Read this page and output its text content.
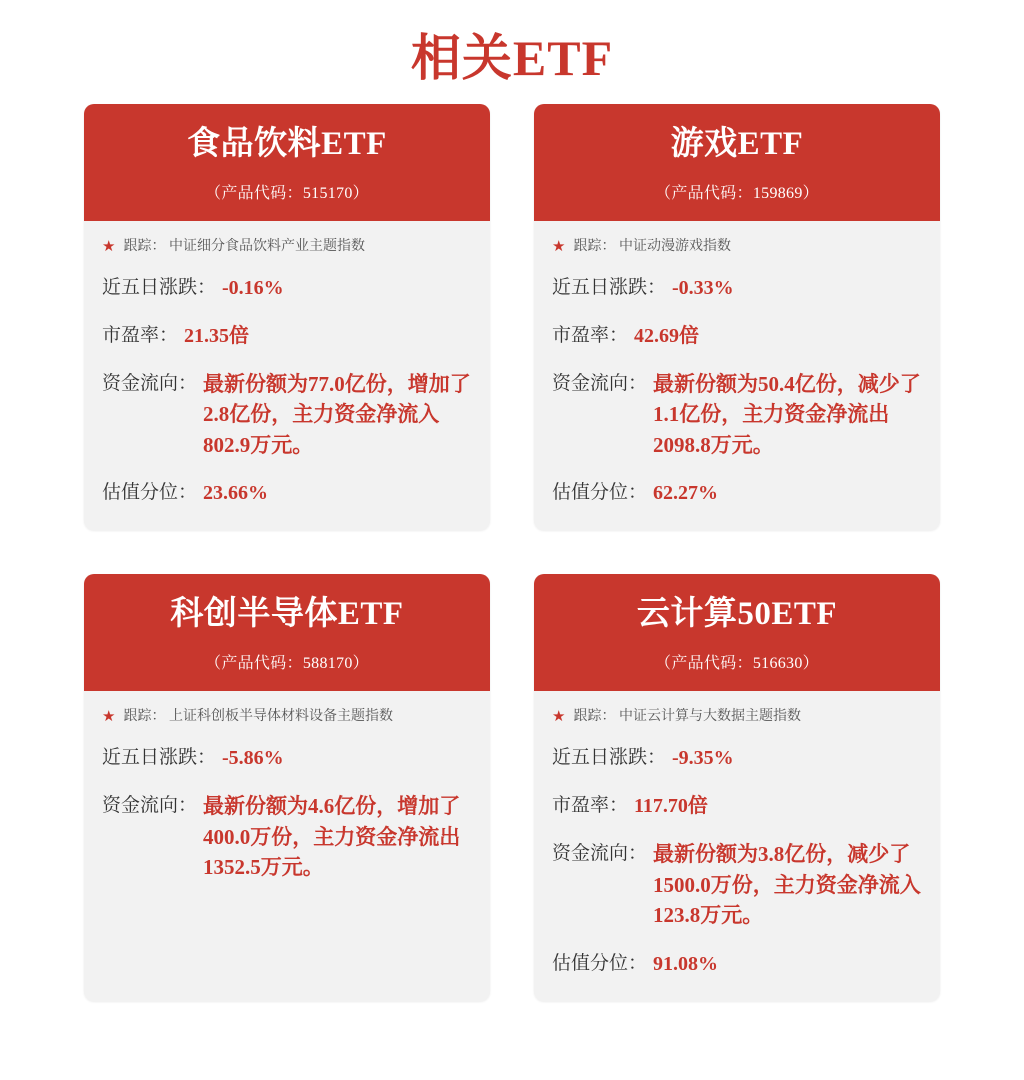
相关ETF
食品饮料ETF
（产品代码：515170）
★ 跟踪： 中证细分食品饮料产业主题指数
近五日涨跌： -0.16%
市盈率： 21.35倍
资金流向： 最新份额为77.0亿份，增加了2.8亿份，主力资金净流入802.9万元。
估值分位： 23.66%
游戏ETF
（产品代码：159869）
★ 跟踪： 中证动漫游戏指数
近五日涨跌： -0.33%
市盈率： 42.69倍
资金流向： 最新份额为50.4亿份，减少了1.1亿份，主力资金净流出2098.8万元。
估值分位： 62.27%
科创半导体ETF
（产品代码：588170）
★ 跟踪： 上证科创板半导体材料设备主题指数
近五日涨跌： -5.86%
资金流向： 最新份额为4.6亿份，增加了400.0万份，主力资金净流出1352.5万元。
云计算50ETF
（产品代码：516630）
★ 跟踪： 中证云计算与大数据主题指数
近五日涨跌： -9.35%
市盈率： 117.70倍
资金流向： 最新份额为3.8亿份，减少了1500.0万份，主力资金净流入123.8万元。
估值分位： 91.08%
